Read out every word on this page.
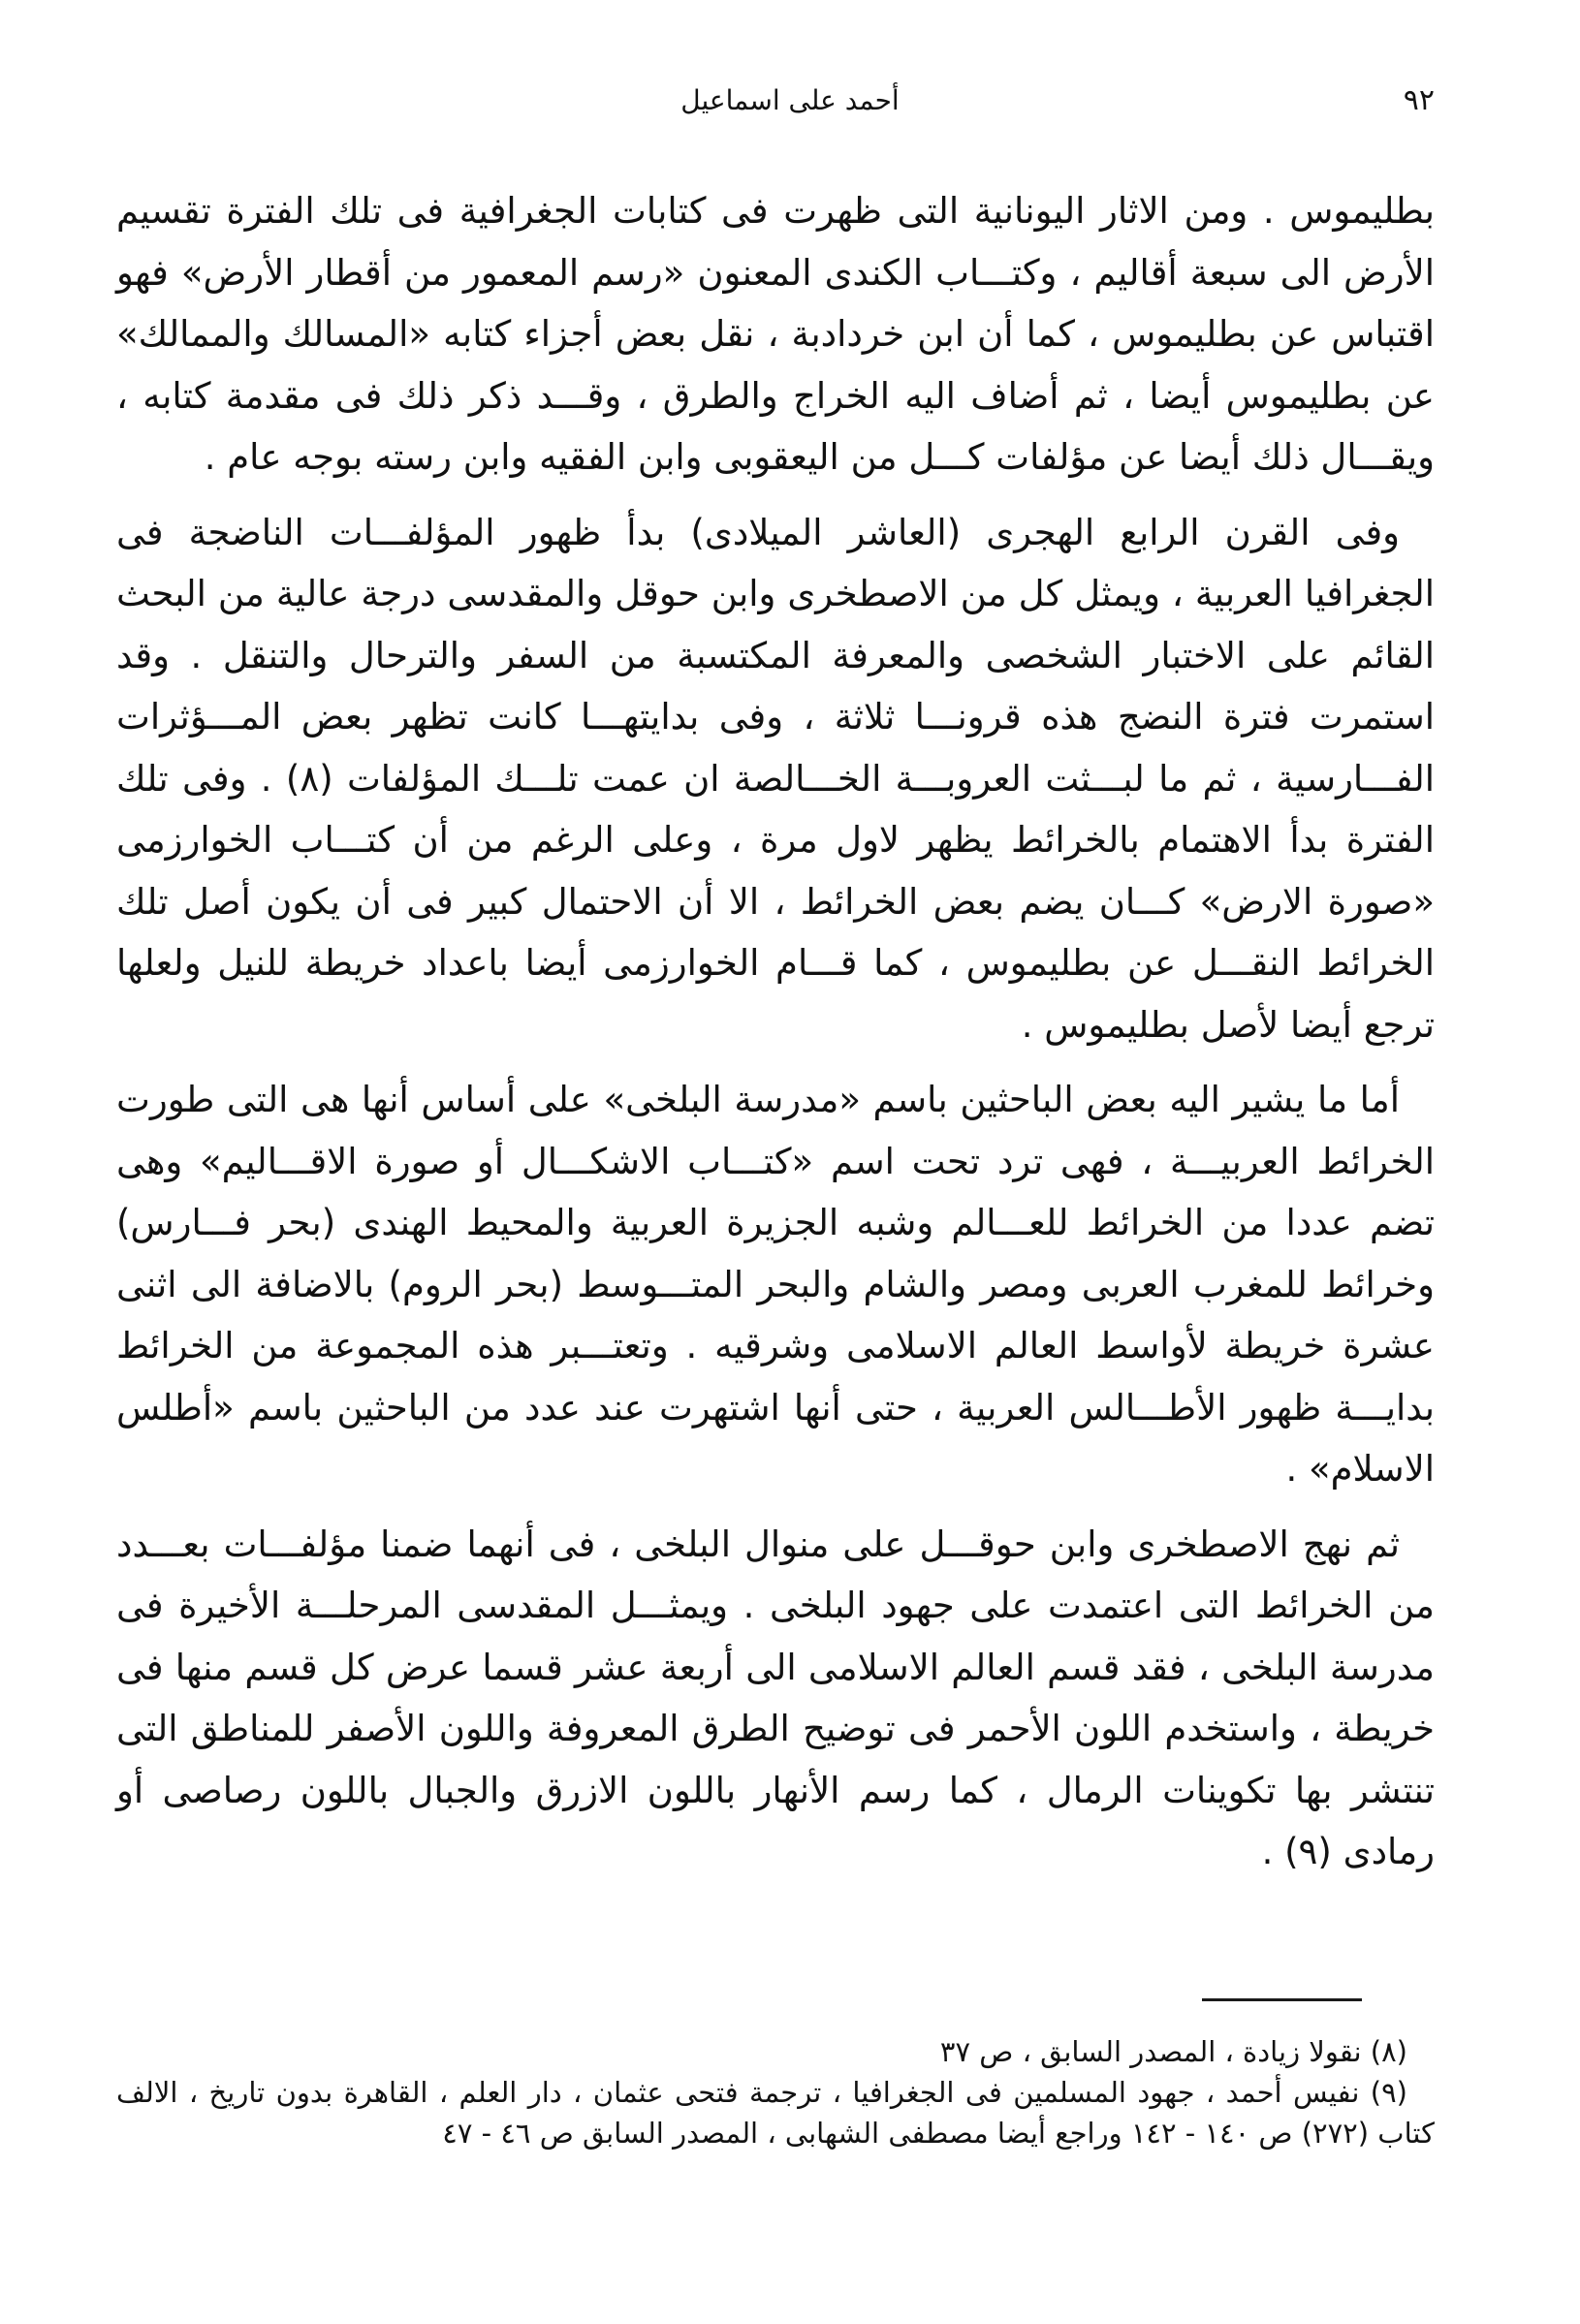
٩٢
أحمد على اسماعيل

بطليموس . ومن الاثار اليونانية التى ظهرت فى كتابات الجغرافية فى تلك الفترة تقسيم الأرض الى سبعة أقاليم ، وكتـــاب الكندى المعنون «رسم المعمور من أقطار الأرض» فهو اقتباس عن بطليموس ، كما أن ابن خردادبة ، نقل بعض أجزاء كتابه «المسالك والممالك» عن بطليموس أيضا ، ثم أضاف اليه الخراج والطرق ، وقـــد ذكر ذلك فى مقدمة كتابه ، ويقـــال ذلك أيضا عن مؤلفات كـــل من اليعقوبى وابن الفقيه وابن رسته بوجه عام .

وفى القرن الرابع الهجرى (العاشر الميلادى) بدأ ظهور المؤلفـــات الناضجة فى الجغرافيا العربية ، ويمثل كل من الاصطخرى وابن حوقل والمقدسى درجة عالية من البحث القائم على الاختبار الشخصى والمعرفة المكتسبة من السفر والترحال والتنقل . وقد استمرت فترة النضج هذه قرونـــا ثلاثة ، وفى بدايتهـــا كانت تظهر بعض المـــؤثرات الفـــارسية ، ثم ما لبـــثت العروبـــة الخـــالصة ان عمت تلـــك المؤلفات (٨) . وفى تلك الفترة بدأ الاهتمام بالخرائط يظهر لاول مرة ، وعلى الرغم من أن كتـــاب الخوارزمى «صورة الارض» كـــان يضم بعض الخرائط ، الا أن الاحتمال كبير فى أن يكون أصل تلك الخرائط النقـــل عن بطليموس ، كما قـــام الخوارزمى أيضا باعداد خريطة للنيل ولعلها ترجع أيضا لأصل بطليموس .

أما ما يشير اليه بعض الباحثين باسم «مدرسة البلخى» على أساس أنها هى التى طورت الخرائط العربيـــة ، فهى ترد تحت اسم «كتـــاب الاشكـــال أو صورة الاقـــاليم» وهى تضم عددا من الخرائط للعـــالم وشبه الجزيرة العربية والمحيط الهندى (بحر فـــارس) وخرائط للمغرب العربى ومصر والشام والبحر المتـــوسط (بحر الروم) بالاضافة الى اثنى عشرة خريطة لأواسط العالم الاسلامى وشرقيه . وتعتـــبر هذه المجموعة من الخرائط بدايـــة ظهور الأطـــالس العربية ، حتى أنها اشتهرت عند عدد من الباحثين باسم «أطلس الاسلام» .

ثم نهج الاصطخرى وابن حوقـــل على منوال البلخى ، فى أنهما ضمنا مؤلفـــات بعـــدد من الخرائط التى اعتمدت على جهود البلخى . ويمثـــل المقدسى المرحلـــة الأخيرة فى مدرسة البلخى ، فقد قسم العالم الاسلامى الى أربعة عشر قسما عرض كل قسم منها فى خريطة ، واستخدم اللون الأحمر فى توضيح الطرق المعروفة واللون الأصفر للمناطق التى تنتشر بها تكوينات الرمال ، كما رسم الأنهار باللون الازرق والجبال باللون رصاصى أو رمادى (٩) .

(٨) نقولا زيادة ، المصدر السابق ، ص ٣٧

(٩) نفيس أحمد ، جهود المسلمين فى الجغرافيا ، ترجمة فتحى عثمان ، دار العلم ، القاهرة بدون تاريخ ، الالف كتاب (٢٧٢) ص ١٤٠ - ١٤٢ وراجع أيضا مصطفى الشهابى ، المصدر السابق ص ٤٦ - ٤٧
